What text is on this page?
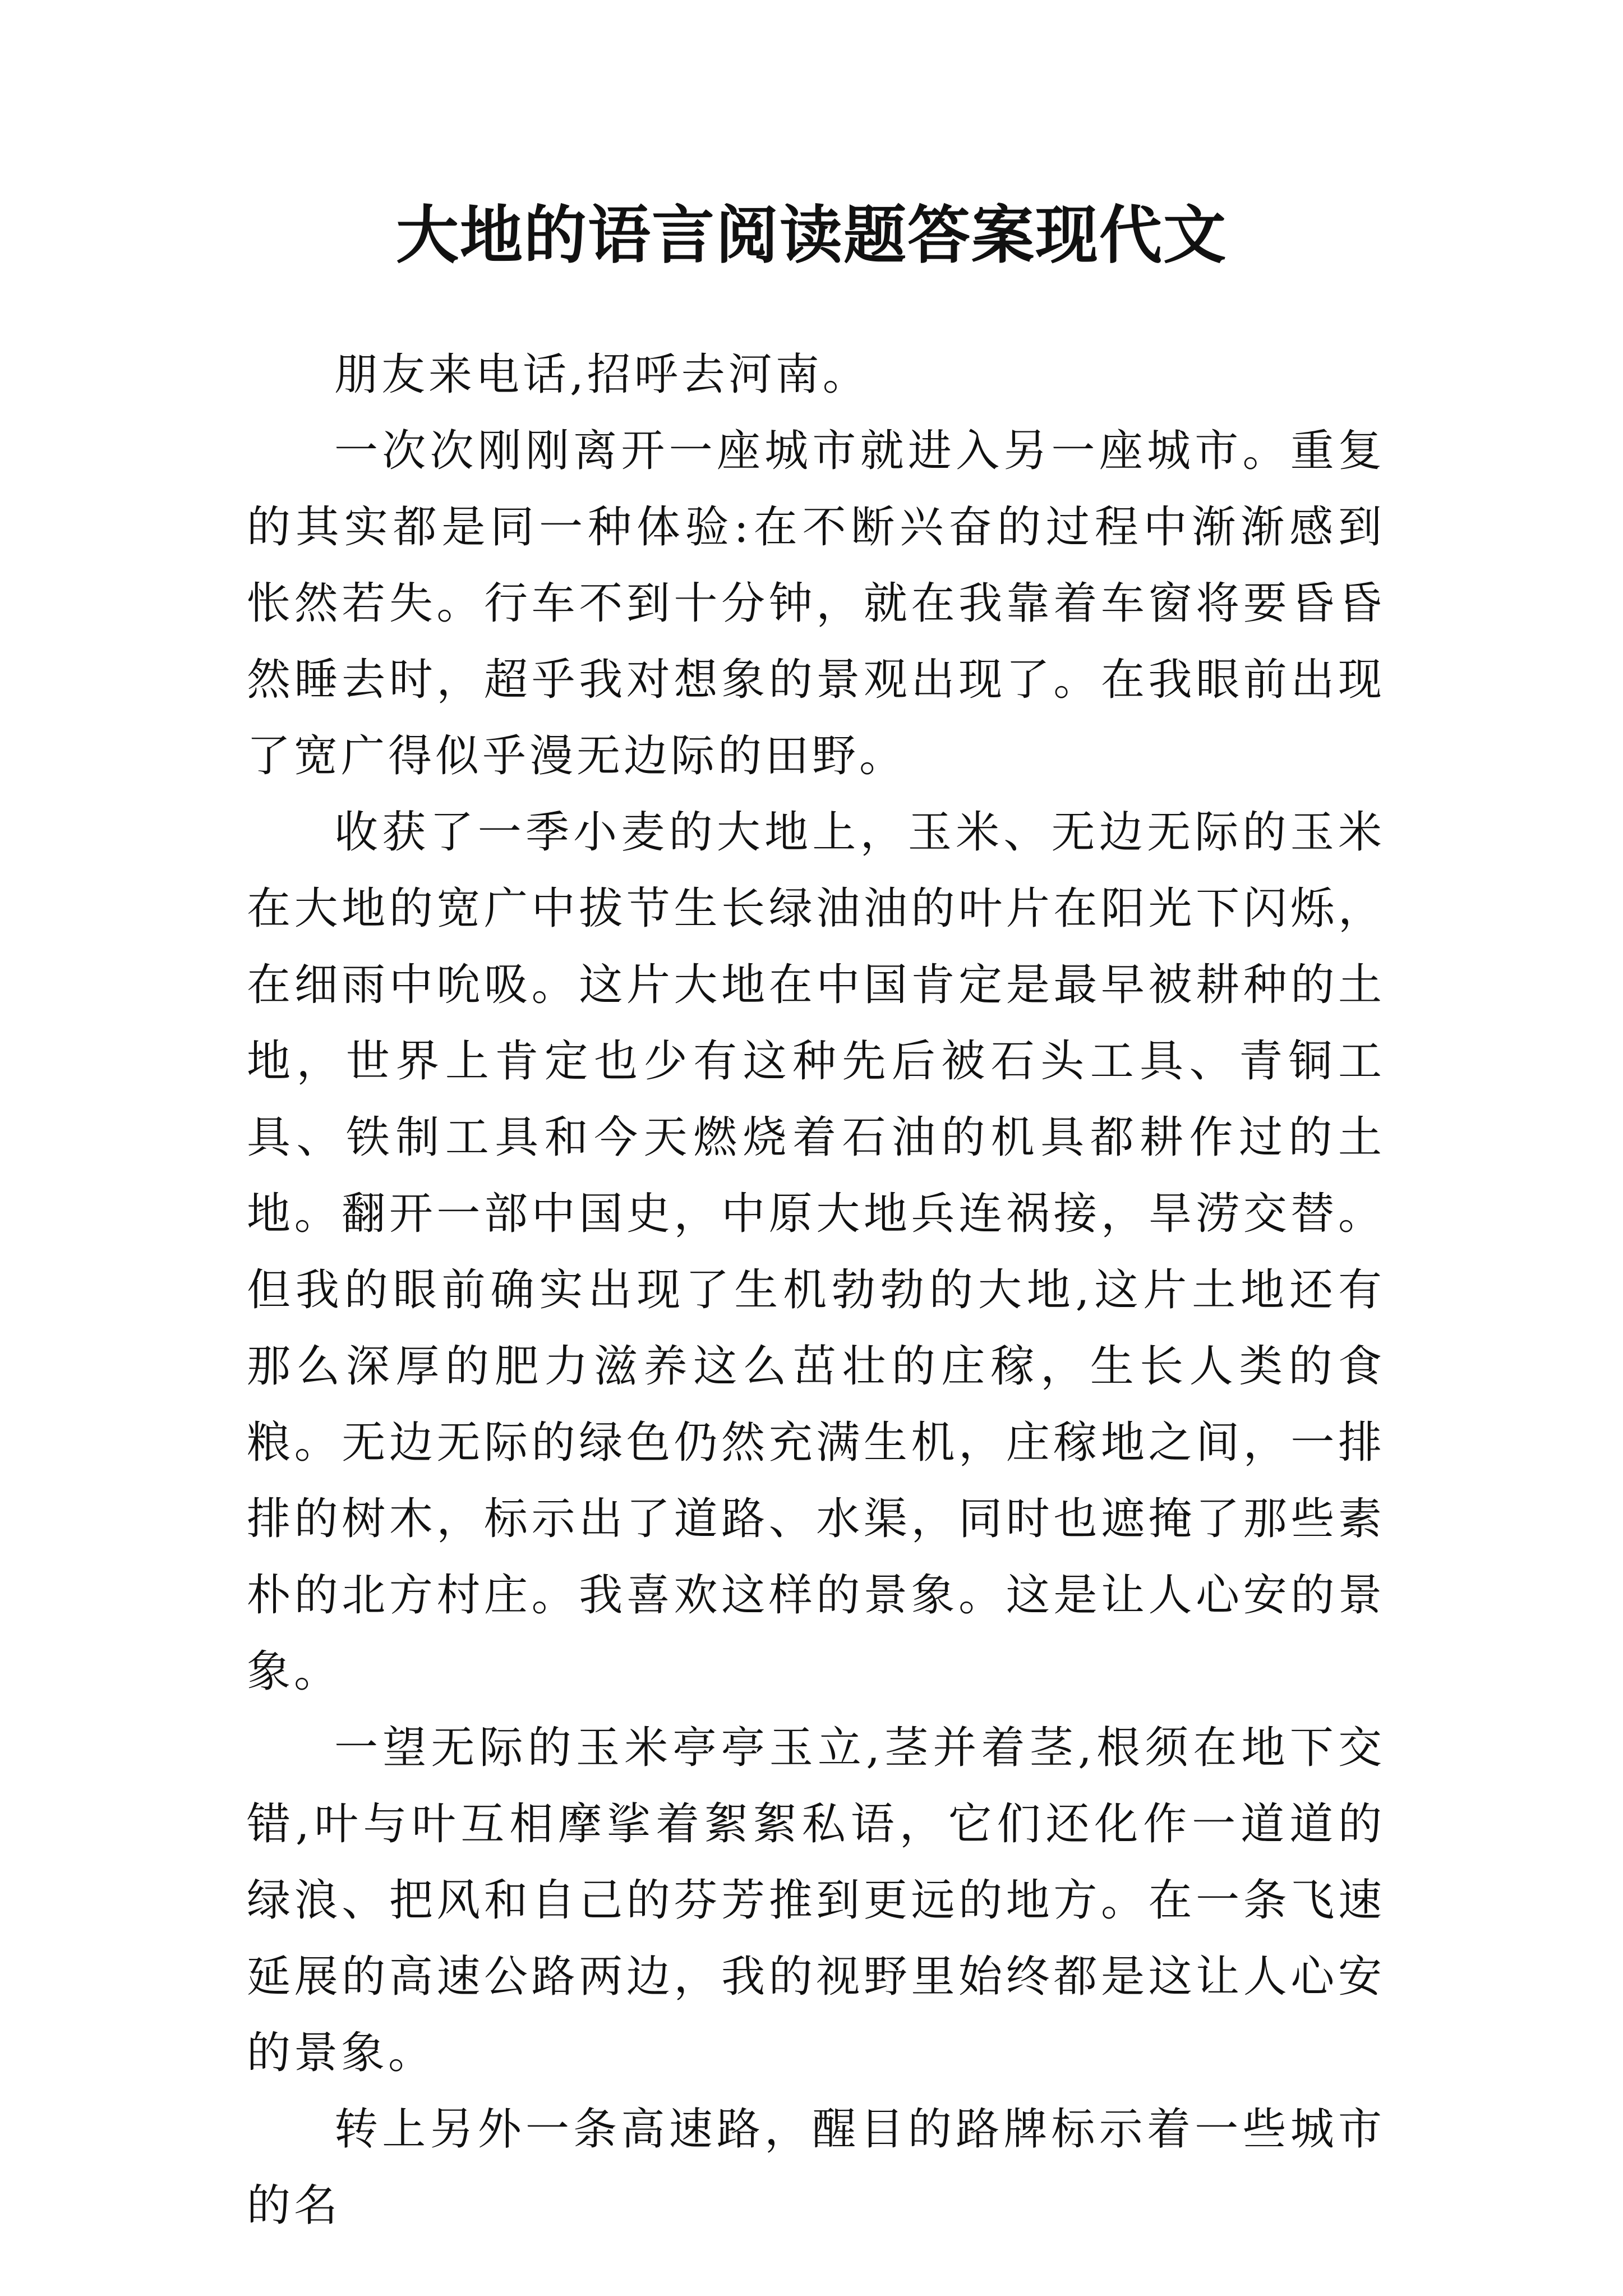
大地的语言阅读题答案现代文

朋友来电话,招呼去河南。

一次次刚刚离开一座城市就进入另一座城市。重复的其实都是同一种体验:在不断兴奋的过程中渐渐感到怅然若失。行车不到十分钟，就在我靠着车窗将要昏昏然睡去时，超乎我对想象的景观出现了。在我眼前出现了宽广得似乎漫无边际的田野。

收获了一季小麦的大地上，玉米、无边无际的玉米在大地的宽广中拔节生长绿油油的叶片在阳光下闪烁，在细雨中吮吸。这片大地在中国肯定是最早被耕种的土地，世界上肯定也少有这种先后被石头工具、青铜工具、铁制工具和今天燃烧着石油的机具都耕作过的土地。翻开一部中国史，中原大地兵连祸接，旱涝交替。但我的眼前确实出现了生机勃勃的大地,这片土地还有那么深厚的肥力滋养这么茁壮的庄稼，生长人类的食粮。无边无际的绿色仍然充满生机，庄稼地之间，一排排的树木，标示出了道路、水渠，同时也遮掩了那些素朴的北方村庄。我喜欢这样的景象。这是让人心安的景象。

一望无际的玉米亭亭玉立,茎并着茎,根须在地下交错,叶与叶互相摩挲着絮絮私语，它们还化作一道道的绿浪、把风和自己的芬芳推到更远的地方。在一条飞速延展的高速公路两边，我的视野里始终都是这让人心安的景象。

转上另外一条高速路，醒目的路牌标示着一些城市的名
